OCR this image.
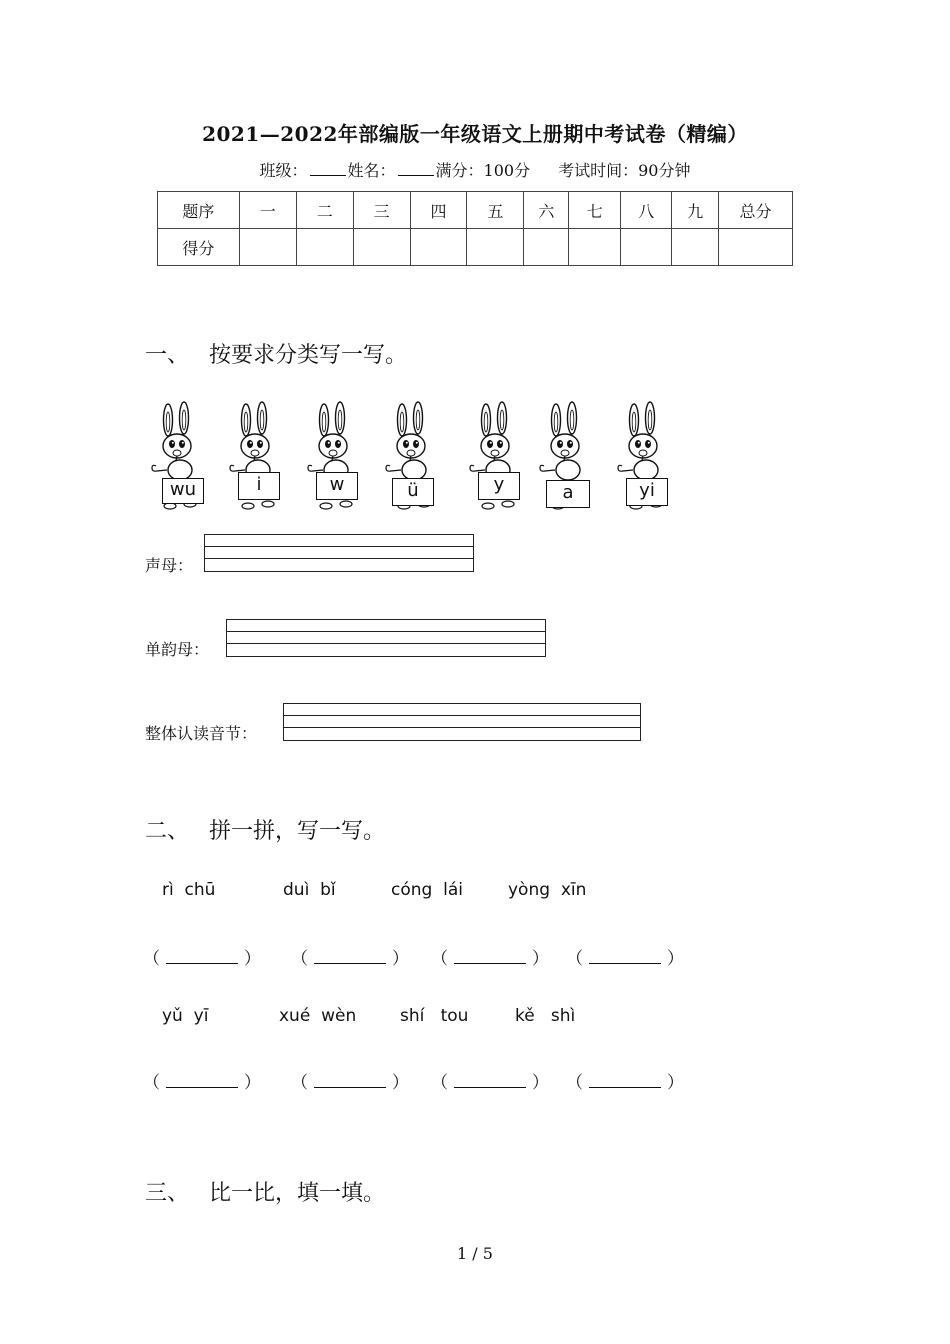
2021—2022年部编版一年级语文上册期中考试卷（精编）
班级：	姓名：	满分：100分 考试时间：90分钟
题序	一	二	三	四	五	六	七	八	九	总分
得分										
一、 按要求分类写一写。
wu	i	w	ü	y	a	yi
声母：
单韵母：
整体认读音节：
二、 拼一拼，写一写。
rì  chū	duì  bǐ	cóng  lái	yòng  xīn
（	） （	） （	） （	）
yǔ  yī	xué  wèn	shí   tou	kě   shì
（	） （	） （	） （	）
三、 比一比，填一填。
1 / 5
